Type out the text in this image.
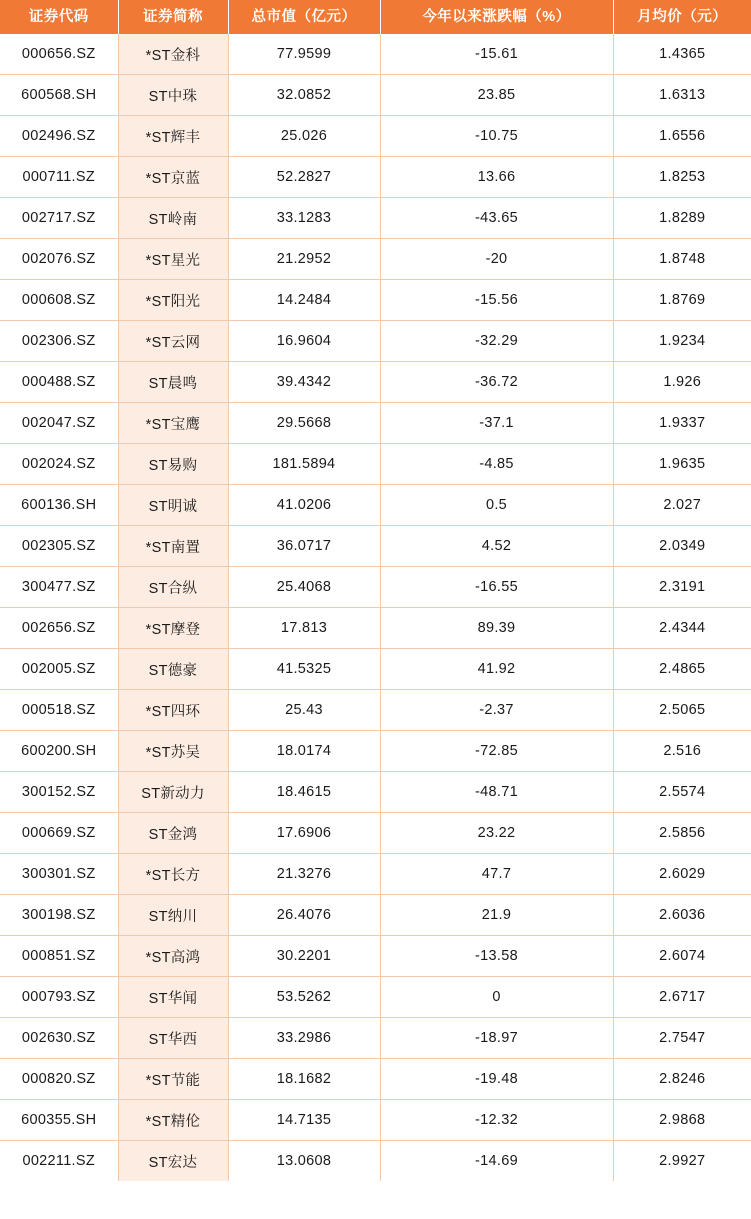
证券代码	证券简称	总市值（亿元）	今年以来涨跌幅（%）	月均价（元）
000656.SZ	*ST金科	77.9599	-15.61	1.4365
600568.SH	ST中珠	32.0852	23.85	1.6313
002496.SZ	*ST辉丰	25.026	-10.75	1.6556
000711.SZ	*ST京蓝	52.2827	13.66	1.8253
002717.SZ	ST岭南	33.1283	-43.65	1.8289
002076.SZ	*ST星光	21.2952	-20	1.8748
000608.SZ	*ST阳光	14.2484	-15.56	1.8769
002306.SZ	*ST云网	16.9604	-32.29	1.9234
000488.SZ	ST晨鸣	39.4342	-36.72	1.926
002047.SZ	*ST宝鹰	29.5668	-37.1	1.9337
002024.SZ	ST易购	181.5894	-4.85	1.9635
600136.SH	ST明诚	41.0206	0.5	2.027
002305.SZ	*ST南置	36.0717	4.52	2.0349
300477.SZ	ST合纵	25.4068	-16.55	2.3191
002656.SZ	*ST摩登	17.813	89.39	2.4344
002005.SZ	ST德豪	41.5325	41.92	2.4865
000518.SZ	*ST四环	25.43	-2.37	2.5065
600200.SH	*ST苏吴	18.0174	-72.85	2.516
300152.SZ	ST新动力	18.4615	-48.71	2.5574
000669.SZ	ST金鸿	17.6906	23.22	2.5856
300301.SZ	*ST长方	21.3276	47.7	2.6029
300198.SZ	ST纳川	26.4076	21.9	2.6036
000851.SZ	*ST高鸿	30.2201	-13.58	2.6074
000793.SZ	ST华闻	53.5262	0	2.6717
002630.SZ	ST华西	33.2986	-18.97	2.7547
000820.SZ	*ST节能	18.1682	-19.48	2.8246
600355.SH	*ST精伦	14.7135	-12.32	2.9868
002211.SZ	ST宏达	13.0608	-14.69	2.9927
